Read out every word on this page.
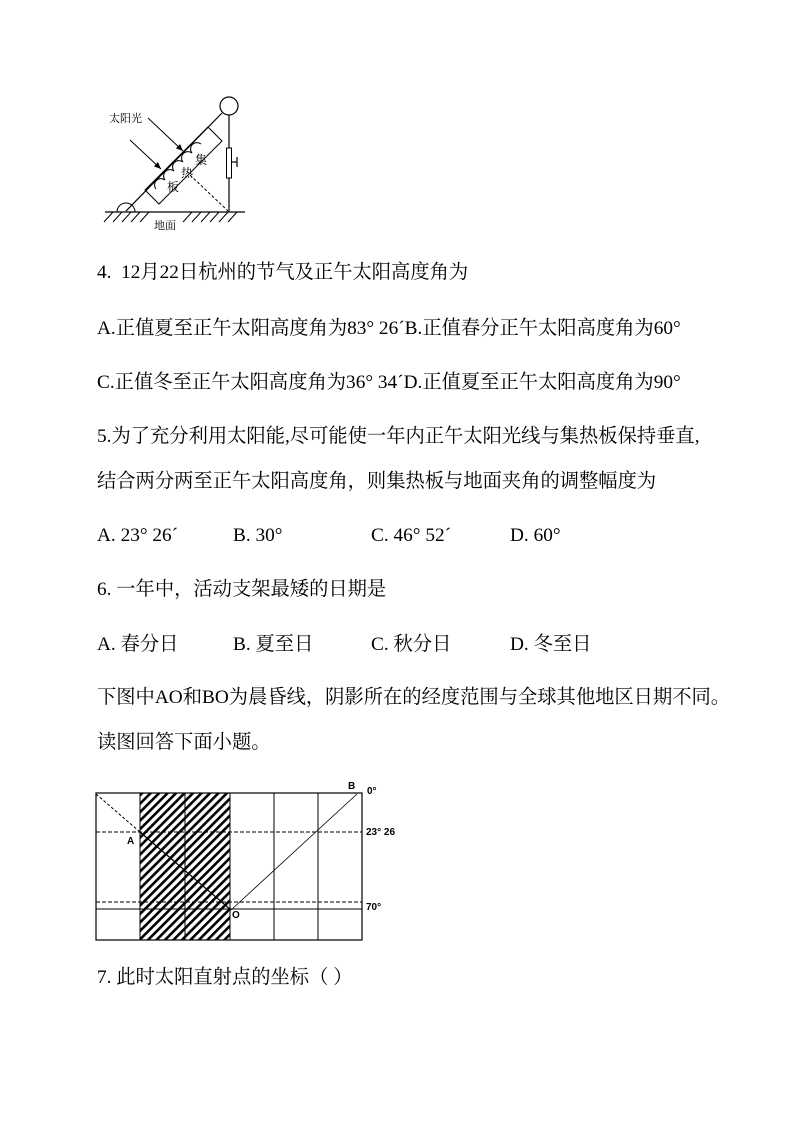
太阳光
地面
集
热
板
4.  12月22日杭州的节气及正午太阳高度角为
A.正值夏至正午太阳高度角为83° 26´B.正值春分正午太阳高度角为60°
C.正值冬至正午太阳高度角为36° 34´D.正值夏至正午太阳高度角为90°
5.为了充分利用太阳能,尽可能使一年内正午太阳光线与集热板保持垂直,
结合两分两至正午太阳高度角，则集热板与地面夹角的调整幅度为
A. 23° 26´	B. 30°	C. 46° 52´	D. 60°
6. 一年中，活动支架最矮的日期是
A. 春分日	B. 夏至日	C. 秋分日	D. 冬至日
下图中AO和BO为晨昏线，阴影所在的经度范围与全球其他地区日期不同。
读图回答下面小题。
B 0°
A
23° 26
O
70°
7. 此时太阳直射点的坐标（ ）
